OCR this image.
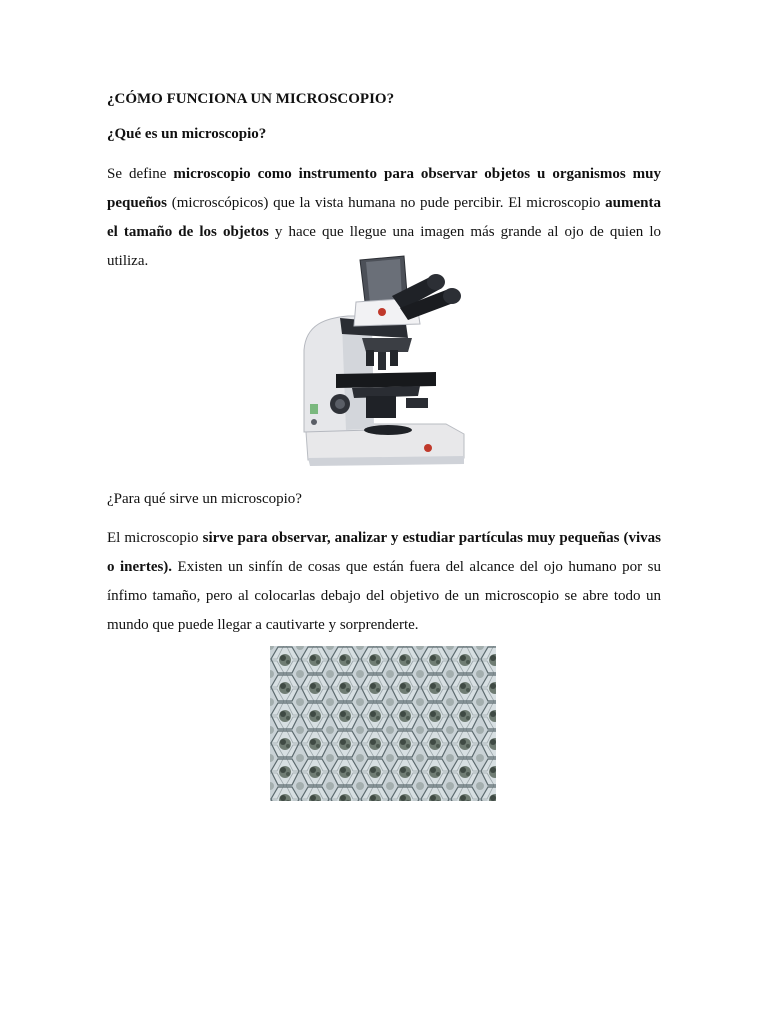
¿CÓMO FUNCIONA UN MICROSCOPIO?
¿Qué es un microscopio?

Se define microscopio como instrumento para observar objetos u organismos muy pequeños (microscópicos) que la vista humana no pude percibir. El microscopio aumenta el tamaño de los objetos y hace que llegue una imagen más grande al ojo de quien lo utiliza.

¿Para qué sirve un microscopio?

El microscopio sirve para observar, analizar y estudiar partículas muy pequeñas (vivas o inertes). Existen un sinfín de cosas que están fuera del alcance del ojo humano por su ínfimo tamaño, pero al colocarlas debajo del objetivo de un microscopio se abre todo un mundo que puede llegar a cautivarte y sorprenderte.
